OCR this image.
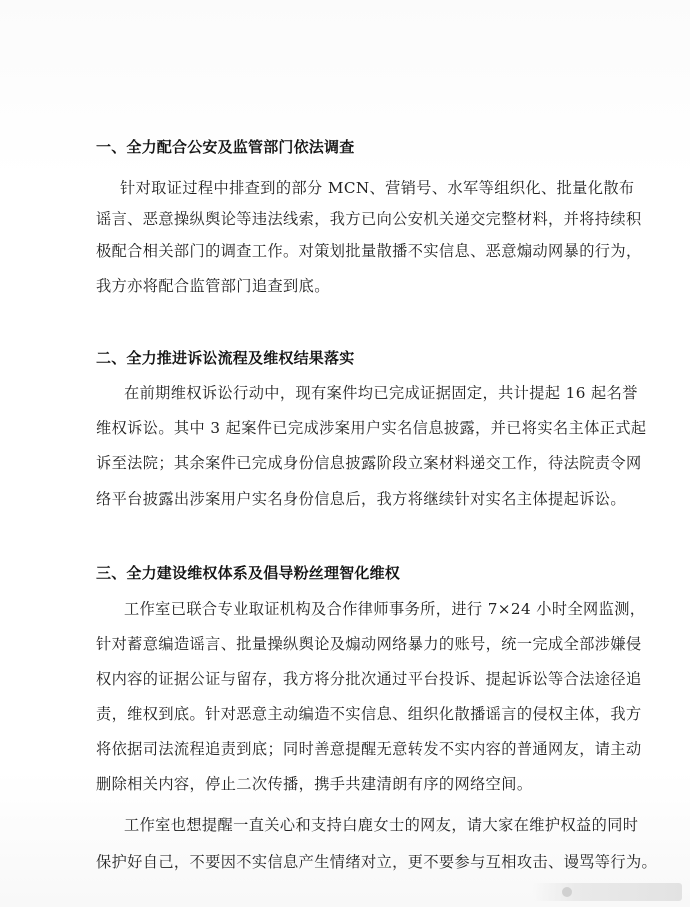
一、全力配合公安及监管部门依法调查
针对取证过程中排查到的部分 MCN、营销号、水军等组织化、批量化散布
谣言、恶意操纵舆论等违法线索，我方已向公安机关递交完整材料，并将持续积
极配合相关部门的调查工作。对策划批量散播不实信息、恶意煽动网暴的行为，
我方亦将配合监管部门追查到底。
二、全力推进诉讼流程及维权结果落实
在前期维权诉讼行动中，现有案件均已完成证据固定，共计提起 16 起名誉
维权诉讼。其中 3 起案件已完成涉案用户实名信息披露，并已将实名主体正式起
诉至法院；其余案件已完成身份信息披露阶段立案材料递交工作，待法院责令网
络平台披露出涉案用户实名身份信息后，我方将继续针对实名主体提起诉讼。
三、全力建设维权体系及倡导粉丝理智化维权
工作室已联合专业取证机构及合作律师事务所，进行 7×24 小时全网监测，
针对蓄意编造谣言、批量操纵舆论及煽动网络暴力的账号，统一完成全部涉嫌侵
权内容的证据公证与留存，我方将分批次通过平台投诉、提起诉讼等合法途径追
责，维权到底。针对恶意主动编造不实信息、组织化散播谣言的侵权主体，我方
将依据司法流程追责到底；同时善意提醒无意转发不实内容的普通网友，请主动
删除相关内容，停止二次传播，携手共建清朗有序的网络空间。
工作室也想提醒一直关心和支持白鹿女士的网友，请大家在维护权益的同时
保护好自己，不要因不实信息产生情绪对立，更不要参与互相攻击、谩骂等行为。
